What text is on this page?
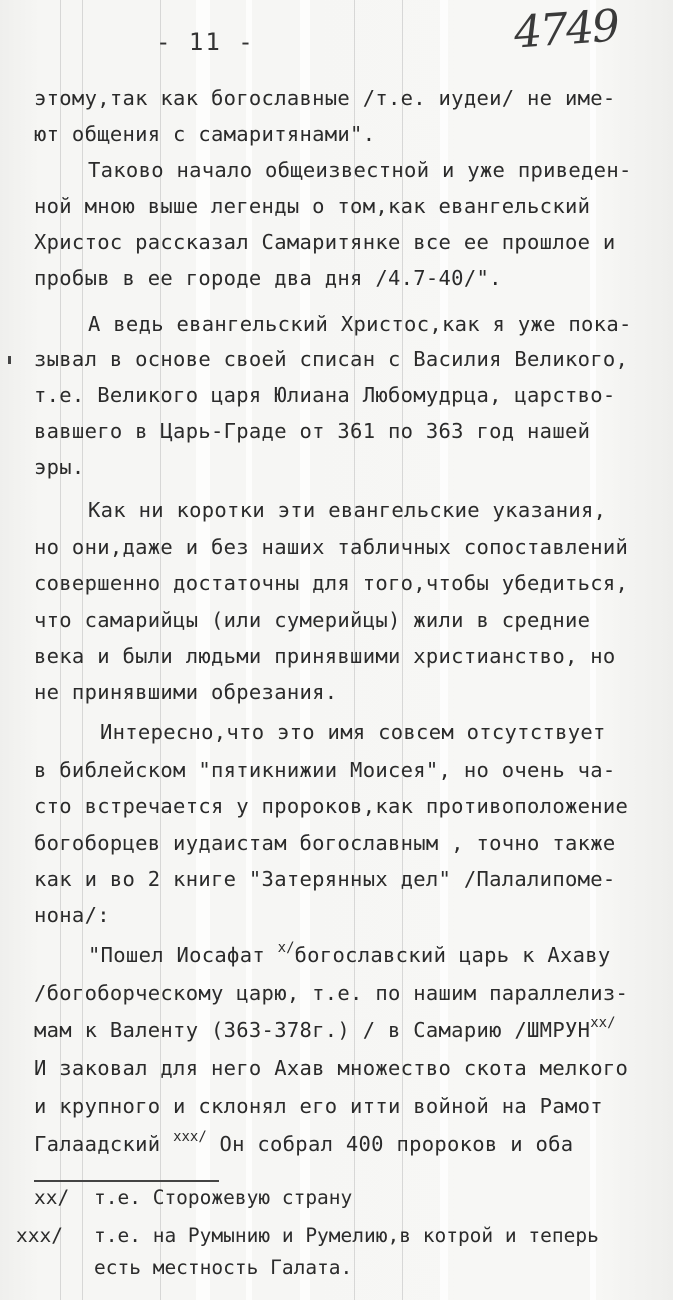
- 11 -	4749
этому,так как богославные /т.е. иудеи/ не име-
ют общения с самаритянами".
Таково начало общеизвестной и уже приведен-
ной мною выше легенды о том,как евангельский
Христос рассказал Самаритянке все ее прошлое и
пробыв в ее городе два дня /4.7-40/".
А ведь евангельский Христос,как я уже пока-
зывал в основе своей списан с Василия Великого,
т.е. Великого царя Юлиана Любомудрца, царство-
вавшего в Царь-Граде от 361 по 363 год нашей
эры.
Как ни коротки эти евангельские указания,
но они,даже и без наших табличных сопоставлений
совершенно достаточны для того,чтобы убедиться,
что самарийцы (или сумерийцы) жили в средние
века и были людьми принявшими христианство, но
не принявшими обрезания.
Интересно,что это имя совсем отсутствует
в библейском "пятикнижии Моисея", но очень ча-
сто встречается у пророков,как противоположение
богоборцев иудаистам богославным , точно также
как и во 2 книге "Затерянных дел" /Палалипоме-
нона/:
"Пошел Иосафат $^{x/}$богославский царь к Ахаву
/богоборческому царю, т.е. по нашим параллелиз-
мам к Валенту (363-378г.) / в Самарию $/ШМРУН^{xx/}$
И заковал для него Ахав множество скота мелкого
и крупного и склонял его итти войной на Рамот
Галаадский $^{xxx/}$ Он собрал 400 пророков и оба
xx/ т.е. Сторожевую страну
xxx/ т.е. на Румынию и Румелию,в котрой и теперь
есть местность Галата.
